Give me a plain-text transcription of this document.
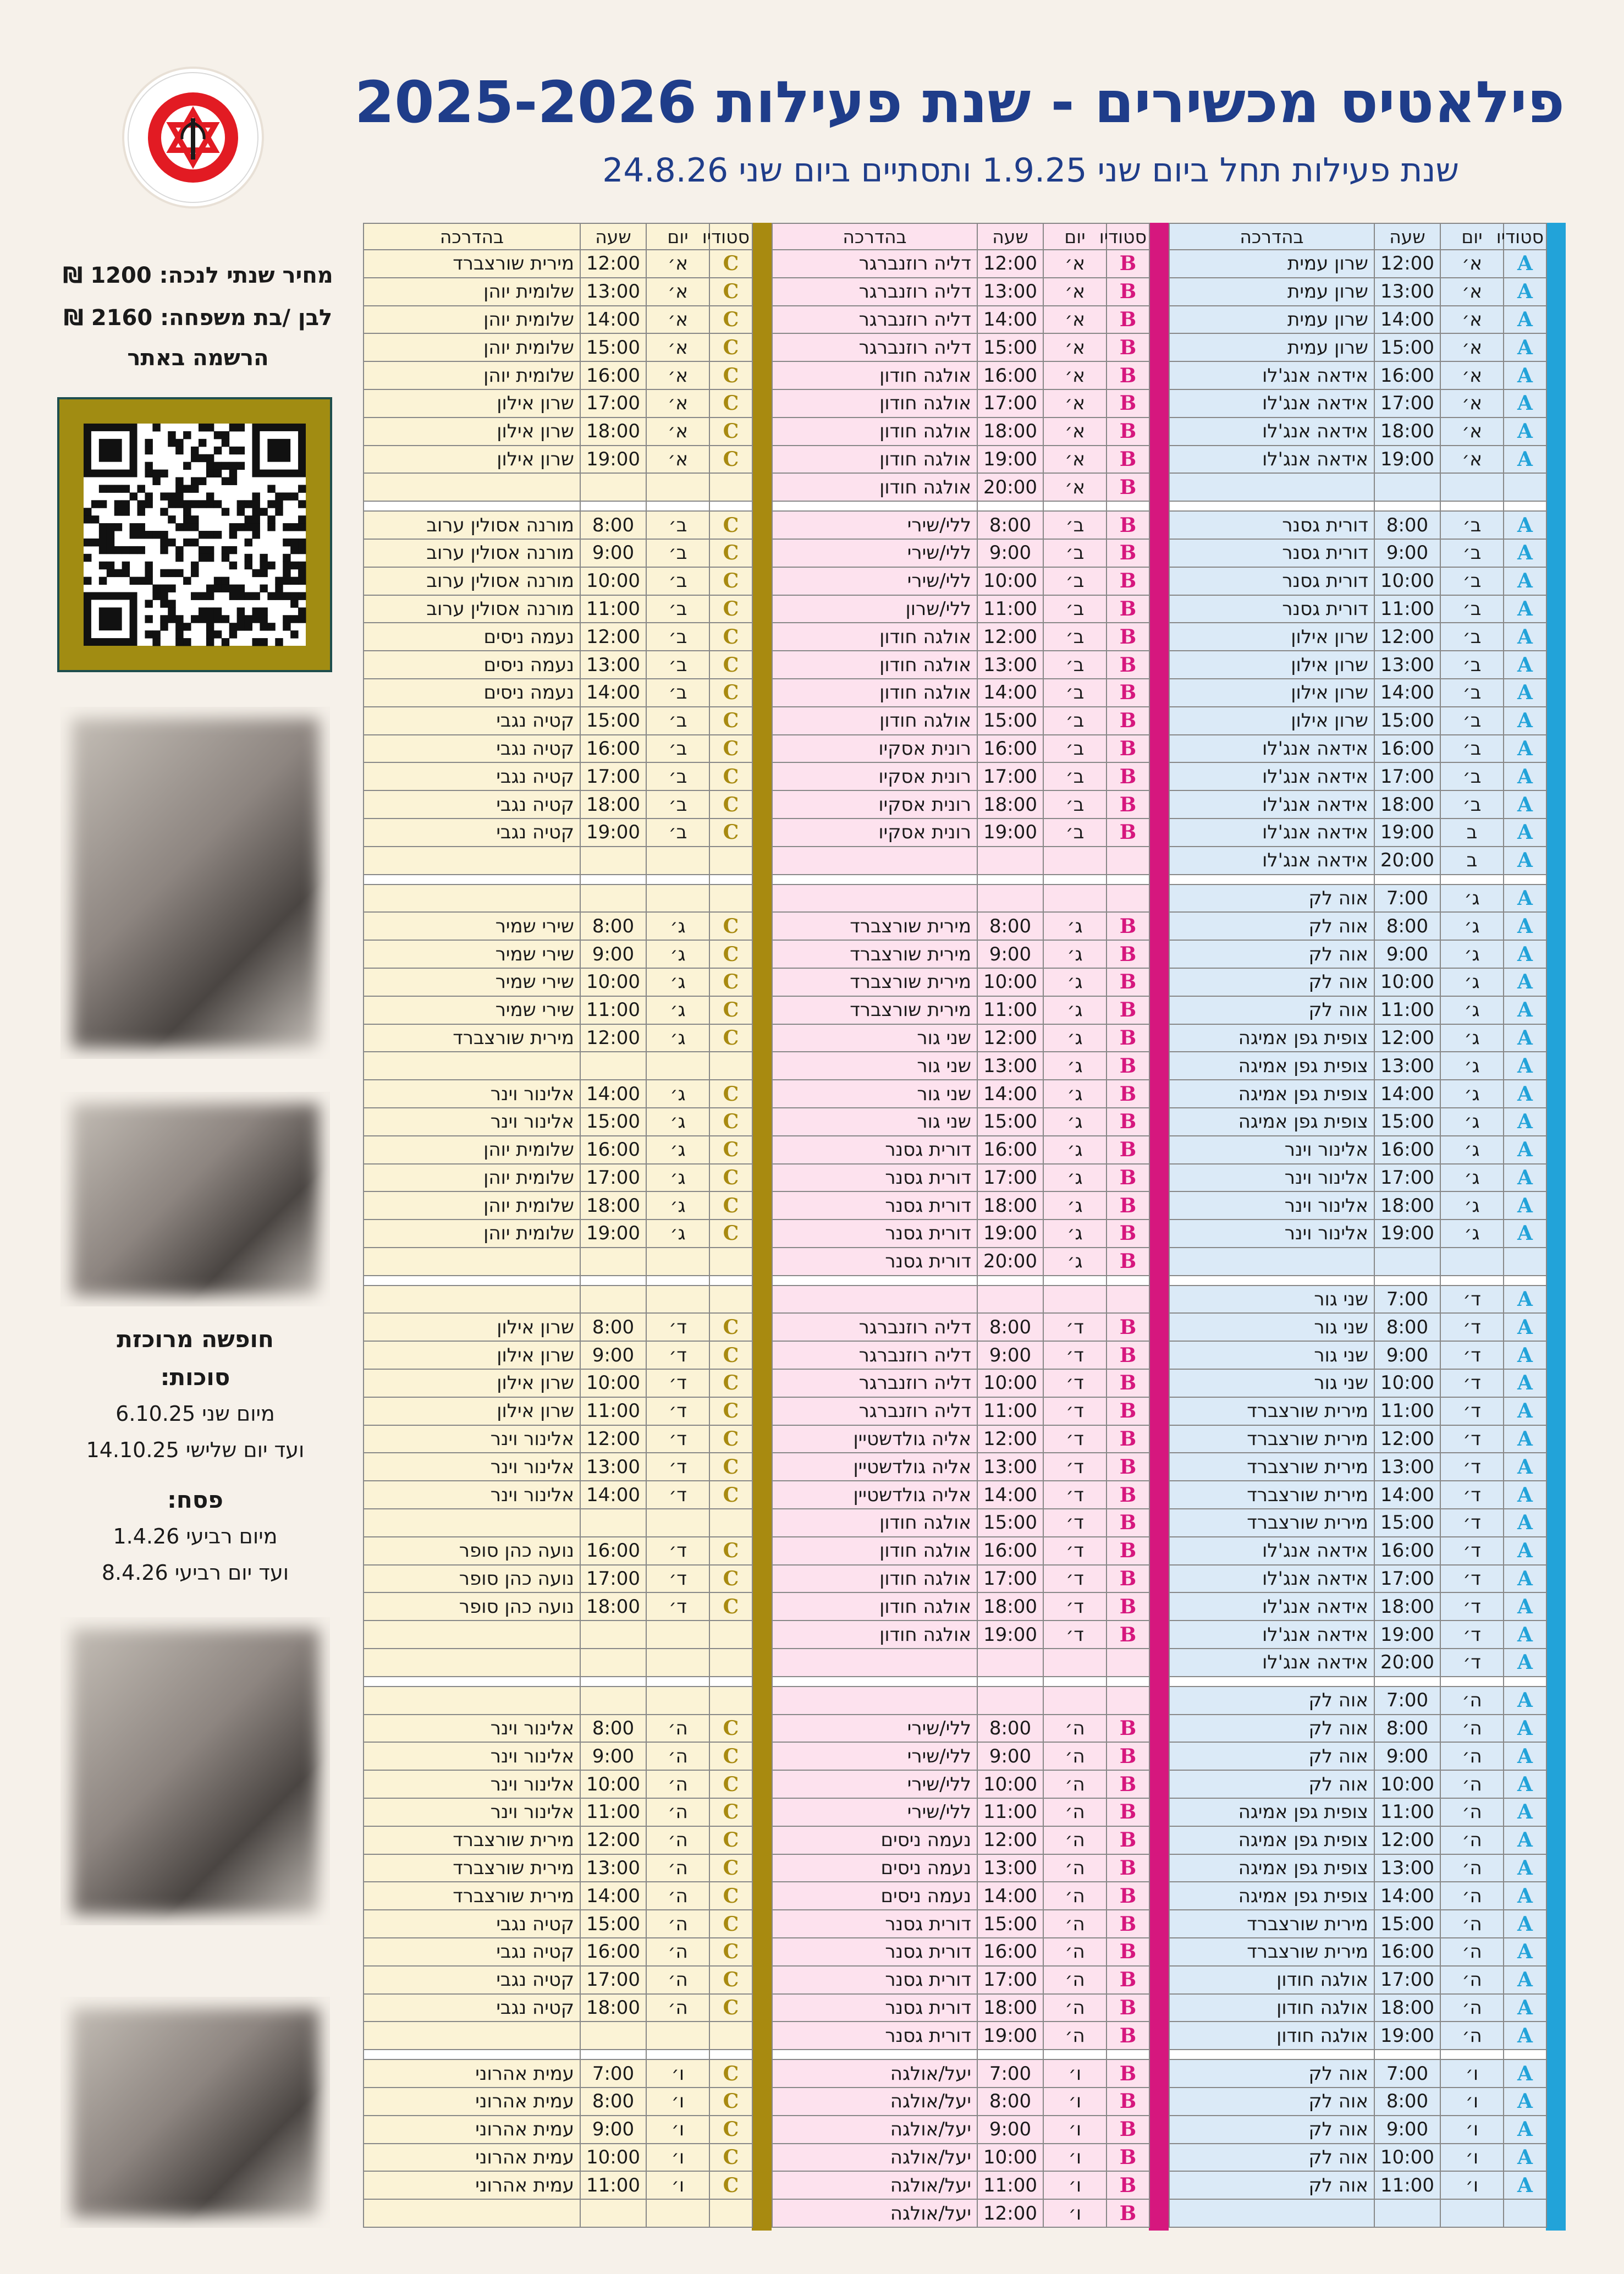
פילאטיס מכשירים - שנת פעילות 2025-2026
שנת פעילות תחל ביום שני 1.9.25 ותסתיים ביום שני 24.8.26
מחיר שנתי לנכה: 1200 ₪
לבן /בת משפחה: 2160 ₪
הרשמה באתר
חופשה מרוכזת
סוכות:
מיום שני 6.10.25
ועד יום שלישי 14.10.25
פסח:
מיום רביעי 1.4.26
ועד יום רביעי 8.4.26
סטודיו	יום	שעה	בהדרכה
A	א׳	12:00	שרון עמית
A	א׳	13:00	שרון עמית
A	א׳	14:00	שרון עמית
A	א׳	15:00	שרון עמית
A	א׳	16:00	אידאה אנג'לו
A	א׳	17:00	אידאה אנג'לו
A	א׳	18:00	אידאה אנג'לו
A	א׳	19:00	אידאה אנג'לו

A	ב׳	8:00	דורית גסנר
A	ב׳	9:00	דורית גסנר
A	ב׳	10:00	דורית גסנר
A	ב׳	11:00	דורית גסנר
A	ב׳	12:00	שרון אילון
A	ב׳	13:00	שרון אילון
A	ב׳	14:00	שרון אילון
A	ב׳	15:00	שרון אילון
A	ב׳	16:00	אידאה אנג'לו
A	ב׳	17:00	אידאה אנג'לו
A	ב׳	18:00	אידאה אנג'לו
A	ב	19:00	אידאה אנג'לו
A	ב	20:00	אידאה אנג'לו

A	ג׳	7:00	אוה לק
A	ג׳	8:00	אוה לק
A	ג׳	9:00	אוה לק
A	ג׳	10:00	אוה לק
A	ג׳	11:00	אוה לק
A	ג׳	12:00	צופית גפן אמיגה
A	ג׳	13:00	צופית גפן אמיגה
A	ג׳	14:00	צופית גפן אמיגה
A	ג׳	15:00	צופית גפן אמיגה
A	ג׳	16:00	אלינור וינר
A	ג׳	17:00	אלינור וינר
A	ג׳	18:00	אלינור וינר
A	ג׳	19:00	אלינור וינר

A	ד׳	7:00	שני גור
A	ד׳	8:00	שני גור
A	ד׳	9:00	שני גור
A	ד׳	10:00	שני גור
A	ד׳	11:00	מירית שורצברד
A	ד׳	12:00	מירית שורצברד
A	ד׳	13:00	מירית שורצברד
A	ד׳	14:00	מירית שורצברד
A	ד׳	15:00	מירית שורצברד
A	ד׳	16:00	אידאה אנג'לו
A	ד׳	17:00	אידאה אנג'לו
A	ד׳	18:00	אידאה אנג'לו
A	ד׳	19:00	אידאה אנג'לו
A	ד׳	20:00	אידאה אנג'לו

A	ה׳	7:00	אוה לק
A	ה׳	8:00	אוה לק
A	ה׳	9:00	אוה לק
A	ה׳	10:00	אוה לק
A	ה׳	11:00	צופית גפן אמיגה
A	ה׳	12:00	צופית גפן אמיגה
A	ה׳	13:00	צופית גפן אמיגה
A	ה׳	14:00	צופית גפן אמיגה
A	ה׳	15:00	מירית שורצברד
A	ה׳	16:00	מירית שורצברד
A	ה׳	17:00	אולגה חודון
A	ה׳	18:00	אולגה חודון
A	ה׳	19:00	אולגה חודון

A	ו׳	7:00	אוה לק
A	ו׳	8:00	אוה לק
A	ו׳	9:00	אוה לק
A	ו׳	10:00	אוה לק
A	ו׳	11:00	אוה לק

סטודיו	יום	שעה	בהדרכה
B	א׳	12:00	דליה רוזנברגר
B	א׳	13:00	דליה רוזנברגר
B	א׳	14:00	דליה רוזנברגר
B	א׳	15:00	דליה רוזנברגר
B	א׳	16:00	אולגה חודון
B	א׳	17:00	אולגה חודון
B	א׳	18:00	אולגה חודון
B	א׳	19:00	אולגה חודון
B	א׳	20:00	אולגה חודון

B	ב׳	8:00	ללי/שירי
B	ב׳	9:00	ללי/שירי
B	ב׳	10:00	ללי/שירי
B	ב׳	11:00	ללי/שרון
B	ב׳	12:00	אולגה חודון
B	ב׳	13:00	אולגה חודון
B	ב׳	14:00	אולגה חודון
B	ב׳	15:00	אולגה חודון
B	ב׳	16:00	רונית אסקיו
B	ב׳	17:00	רונית אסקיו
B	ב׳	18:00	רונית אסקיו
B	ב׳	19:00	רונית אסקיו

B	ג׳	8:00	מירית שורצברד
B	ג׳	9:00	מירית שורצברד
B	ג׳	10:00	מירית שורצברד
B	ג׳	11:00	מירית שורצברד
B	ג׳	12:00	שני גור
B	ג׳	13:00	שני גור
B	ג׳	14:00	שני גור
B	ג׳	15:00	שני גור
B	ג׳	16:00	דורית גסנר
B	ג׳	17:00	דורית גסנר
B	ג׳	18:00	דורית גסנר
B	ג׳	19:00	דורית גסנר
B	ג׳	20:00	דורית גסנר

B	ד׳	8:00	דליה רוזנברגר
B	ד׳	9:00	דליה רוזנברגר
B	ד׳	10:00	דליה רוזנברגר
B	ד׳	11:00	דליה רוזנברגר
B	ד׳	12:00	אליה גולדשטיין
B	ד׳	13:00	אליה גולדשטיין
B	ד׳	14:00	אליה גולדשטיין
B	ד׳	15:00	אולגה חודון
B	ד׳	16:00	אולגה חודון
B	ד׳	17:00	אולגה חודון
B	ד׳	18:00	אולגה חודון
B	ד׳	19:00	אולגה חודון

B	ה׳	8:00	ללי/שירי
B	ה׳	9:00	ללי/שירי
B	ה׳	10:00	ללי/שירי
B	ה׳	11:00	ללי/שירי
B	ה׳	12:00	נעמה ניסים
B	ה׳	13:00	נעמה ניסים
B	ה׳	14:00	נעמה ניסים
B	ה׳	15:00	דורית גסנר
B	ה׳	16:00	דורית גסנר
B	ה׳	17:00	דורית גסנר
B	ה׳	18:00	דורית גסנר
B	ה׳	19:00	דורית גסנר

B	ו׳	7:00	יעל/אולגה
B	ו׳	8:00	יעל/אולגה
B	ו׳	9:00	יעל/אולגה
B	ו׳	10:00	יעל/אולגה
B	ו׳	11:00	יעל/אולגה
B	ו׳	12:00	יעל/אולגה
סטודיו	יום	שעה	בהדרכה
C	א׳	12:00	מירית שורצברד
C	א׳	13:00	שלומית יוהן
C	א׳	14:00	שלומית יוהן
C	א׳	15:00	שלומית יוהן
C	א׳	16:00	שלומית יוהן
C	א׳	17:00	שרון אילון
C	א׳	18:00	שרון אילון
C	א׳	19:00	שרון אילון

C	ב׳	8:00	מורנה אסולין ערוב
C	ב׳	9:00	מורנה אסולין ערוב
C	ב׳	10:00	מורנה אסולין ערוב
C	ב׳	11:00	מורנה אסולין ערוב
C	ב׳	12:00	נעמה ניסים
C	ב׳	13:00	נעמה ניסים
C	ב׳	14:00	נעמה ניסים
C	ב׳	15:00	קטיה נגבי
C	ב׳	16:00	קטיה נגבי
C	ב׳	17:00	קטיה נגבי
C	ב׳	18:00	קטיה נגבי
C	ב׳	19:00	קטיה נגבי

C	ג׳	8:00	שירי שמיר
C	ג׳	9:00	שירי שמיר
C	ג׳	10:00	שירי שמיר
C	ג׳	11:00	שירי שמיר
C	ג׳	12:00	מירית שורצברד

C	ג׳	14:00	אלינור וינר
C	ג׳	15:00	אלינור וינר
C	ג׳	16:00	שלומית יוהן
C	ג׳	17:00	שלומית יוהן
C	ג׳	18:00	שלומית יוהן
C	ג׳	19:00	שלומית יוהן

C	ד׳	8:00	שרון אילון
C	ד׳	9:00	שרון אילון
C	ד׳	10:00	שרון אילון
C	ד׳	11:00	שרון אילון
C	ד׳	12:00	אלינור וינר
C	ד׳	13:00	אלינור וינר
C	ד׳	14:00	אלינור וינר

C	ד׳	16:00	נועה כהן סופר
C	ד׳	17:00	נועה כהן סופר
C	ד׳	18:00	נועה כהן סופר

C	ה׳	8:00	אלינור וינר
C	ה׳	9:00	אלינור וינר
C	ה׳	10:00	אלינור וינר
C	ה׳	11:00	אלינור וינר
C	ה׳	12:00	מירית שורצברד
C	ה׳	13:00	מירית שורצברד
C	ה׳	14:00	מירית שורצברד
C	ה׳	15:00	קטיה נגבי
C	ה׳	16:00	קטיה נגבי
C	ה׳	17:00	קטיה נגבי
C	ה׳	18:00	קטיה נגבי

C	ו׳	7:00	עמית אהרוני
C	ו׳	8:00	עמית אהרוני
C	ו׳	9:00	עמית אהרוני
C	ו׳	10:00	עמית אהרוני
C	ו׳	11:00	עמית אהרוני
